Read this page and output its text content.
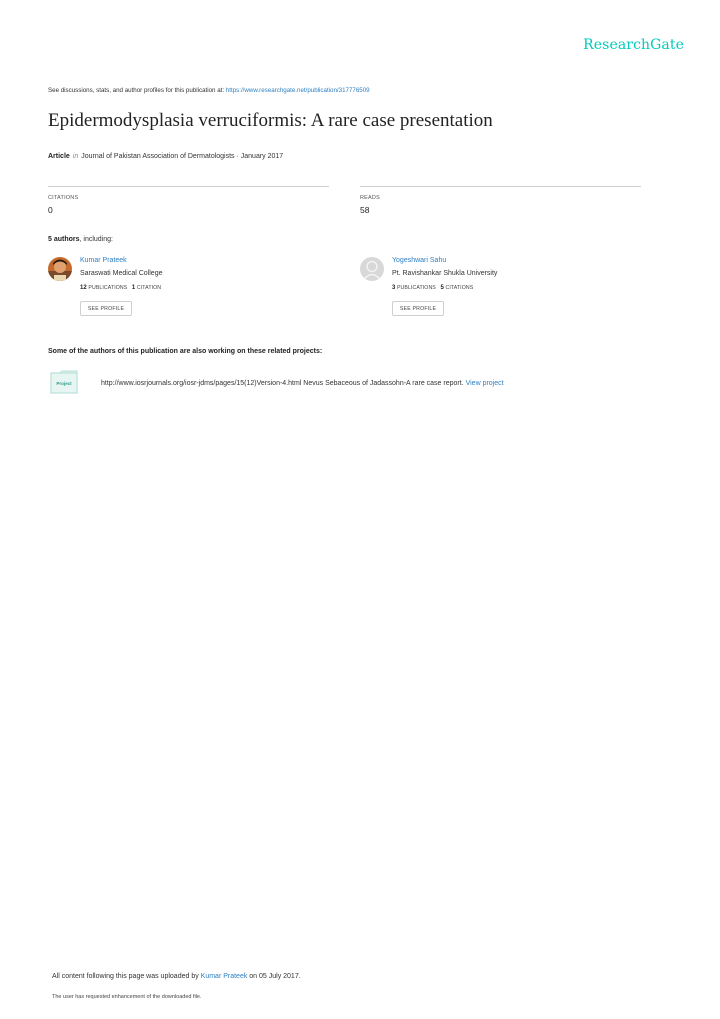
ResearchGate
See discussions, stats, and author profiles for this publication at: https://www.researchgate.net/publication/317776509
Epidermodysplasia verruciformis: A rare case presentation
Article in Journal of Pakistan Association of Dermatologists · January 2017
CITATIONS
0
READS
58
5 authors, including:
Kumar Prateek
Saraswati Medical College
12 PUBLICATIONS 1 CITATION
SEE PROFILE
Yogeshwari Sahu
Pt. Ravishankar Shukla University
3 PUBLICATIONS 5 CITATIONS
SEE PROFILE
Some of the authors of this publication are also working on these related projects:
Project	http://www.iosrjournals.org/iosr-jdms/pages/15(12)Version-4.html Nevus Sebaceous of Jadassohn-A rare case report. View project
All content following this page was uploaded by Kumar Prateek on 05 July 2017.
The user has requested enhancement of the downloaded file.
